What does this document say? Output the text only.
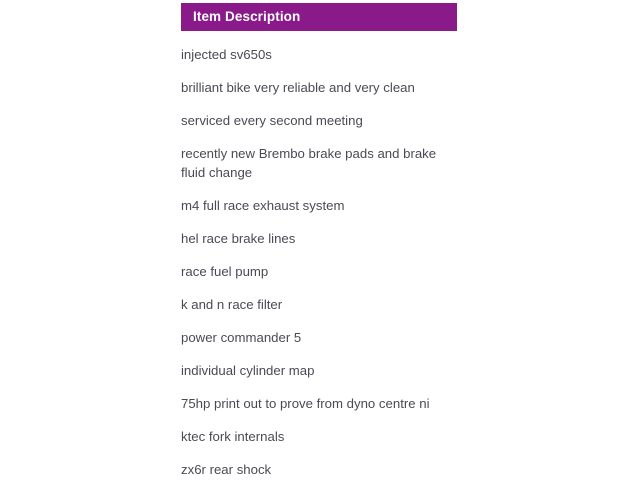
Item Description
injected sv650s
brilliant bike very reliable and very clean
serviced every second meeting
recently new Brembo brake pads and brake
fluid change
m4 full race exhaust system
hel race brake lines
race fuel pump
k and n race filter
power commander 5
individual cylinder map
75hp print out to prove from dyno centre ni
ktec fork internals
zx6r rear shock
